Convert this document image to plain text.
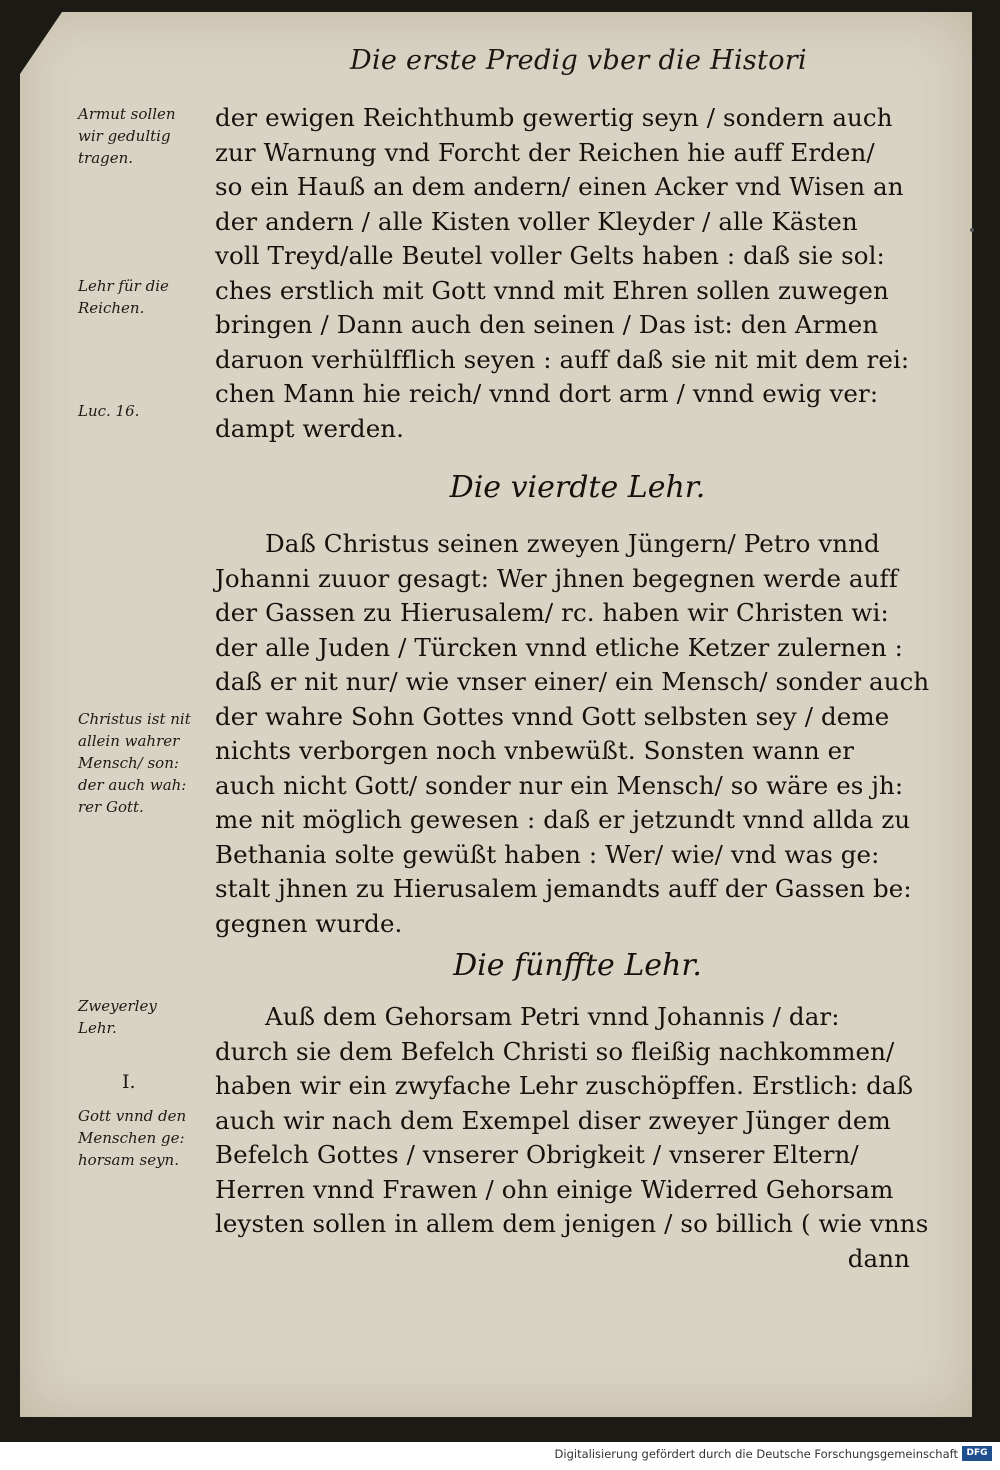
Die erste Predig vber die Histori
der ewigen Reichthumb gewertig seyn / sondern auch
zur Warnung vnd Forcht der Reichen hie auff Erden/
so ein Hauß an dem andern/ einen Acker vnd Wisen an
der andern / alle Kisten voller Kleyder / alle Kästen
voll Treyd/alle Beutel voller Gelts haben : daß sie sol:
ches erstlich mit Gott vnnd mit Ehren sollen zuwegen
bringen / Dann auch den seinen / Das ist: den Armen
daruon verhülfflich seyen : auff daß sie nit mit dem rei:
chen Mann hie reich/ vnnd dort arm / vnnd ewig ver:
dampt werden.
Die vierdte Lehr.
Daß Christus seinen zweyen Jüngern/ Petro vnnd
Johanni zuuor gesagt: Wer jhnen begegnen werde auff
der Gassen zu Hierusalem/ rc. haben wir Christen wi:
der alle Juden / Türcken vnnd etliche Ketzer zulernen :
daß er nit nur/ wie vnser einer/ ein Mensch/ sonder auch
der wahre Sohn Gottes vnnd Gott selbsten sey / deme
nichts verborgen noch vnbewüßt. Sonsten wann er
auch nicht Gott/ sonder nur ein Mensch/ so wäre es jh:
me nit möglich gewesen : daß er jetzundt vnnd allda zu
Bethania solte gewüßt haben : Wer/ wie/ vnd was ge:
stalt jhnen zu Hierusalem jemandts auff der Gassen be:
gegnen wurde.
Die fünffte Lehr.
Auß dem Gehorsam Petri vnnd Johannis / dar:
durch sie dem Befelch Christi so fleißig nachkommen/
haben wir ein zwyfache Lehr zuschöpffen. Erstlich: daß
auch wir nach dem Exempel diser zweyer Jünger dem
Befelch Gottes / vnserer Obrigkeit / vnserer Eltern/
Herren vnnd Frawen / ohn einige Widerred Gehorsam
leysten sollen in allem dem jenigen / so billich ( wie vnns
dann
Armut sollen
wir gedultig
tragen.
Lehr für die
Reichen.
Luc. 16.
Christus ist nit
allein wahrer
Mensch/ son:
der auch wah:
rer Gott.
Zweyerley
Lehr.
I.
Gott vnnd den
Menschen ge:
horsam seyn.
Digitalisierung gefördert durch die Deutsche Forschungsgemeinschaft DFG
